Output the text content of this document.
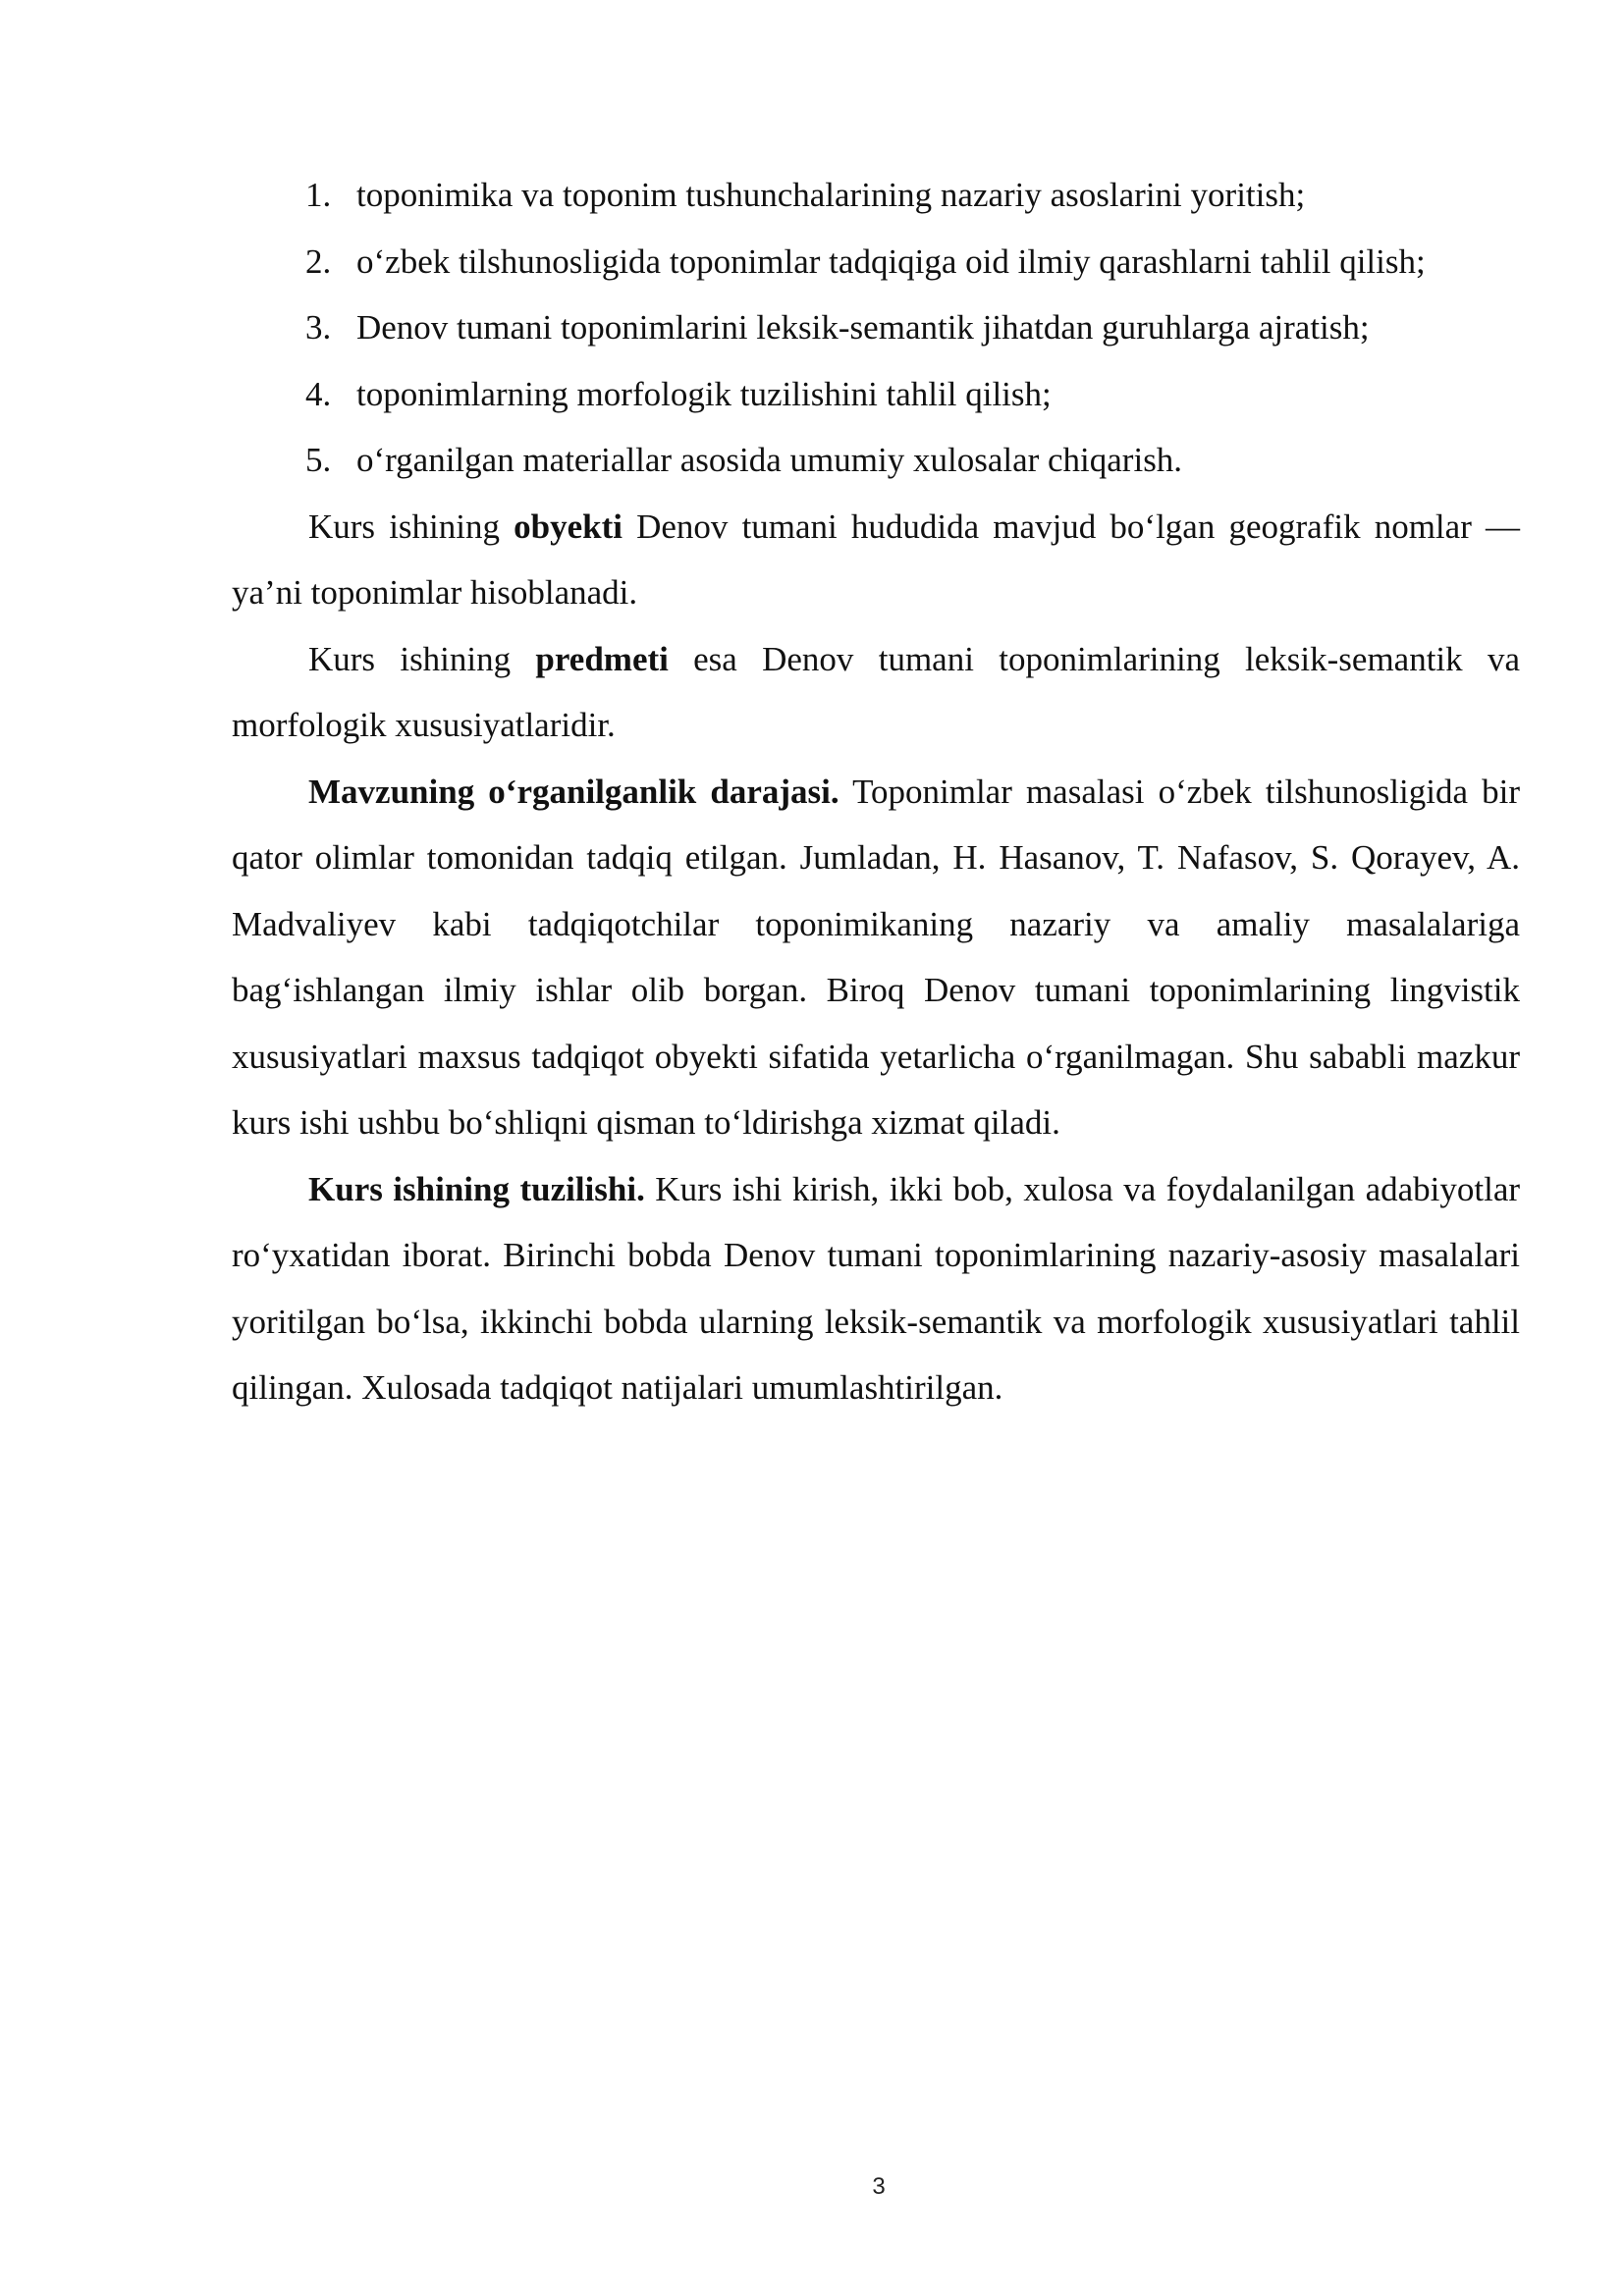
1. toponimika va toponim tushunchalarining nazariy asoslarini yoritish;
2. o‘zbek tilshunosligida toponimlar tadqiqiga oid ilmiy qarashlarni tahlil qilish;
3. Denov tumani toponimlarini leksik-semantik jihatdan guruhlarga ajratish;
4. toponimlarning morfologik tuzilishini tahlil qilish;
5. o‘rganilgan materiallar asosida umumiy xulosalar chiqarish.

Kurs ishining obyekti Denov tumani hududida mavjud bo‘lgan geografik nomlar — ya’ni toponimlar hisoblanadi.

Kurs ishining predmeti esa Denov tumani toponimlarining leksik-semantik va morfologik xususiyatlaridir.

Mavzuning o‘rganilganlik darajasi. Toponimlar masalasi o‘zbek tilshunosligida bir qator olimlar tomonidan tadqiq etilgan. Jumladan, H. Hasanov, T. Nafasov, S. Qorayev, A. Madvaliyev kabi tadqiqotchilar toponimikaning nazariy va amaliy masalalariga bag‘ishlangan ilmiy ishlar olib borgan. Biroq Denov tumani toponimlarining lingvistik xususiyatlari maxsus tadqiqot obyekti sifatida yetarlicha o‘rganilmagan. Shu sababli mazkur kurs ishi ushbu bo‘shliqni qisman to‘ldirishga xizmat qiladi.

Kurs ishining tuzilishi. Kurs ishi kirish, ikki bob, xulosa va foydalanilgan adabiyotlar ro‘yxatidan iborat. Birinchi bobda Denov tumani toponimlarining nazariy-asosiy masalalari yoritilgan bo‘lsa, ikkinchi bobda ularning leksik-semantik va morfologik xususiyatlari tahlil qilingan. Xulosada tadqiqot natijalari umumlashtirilgan.

3
